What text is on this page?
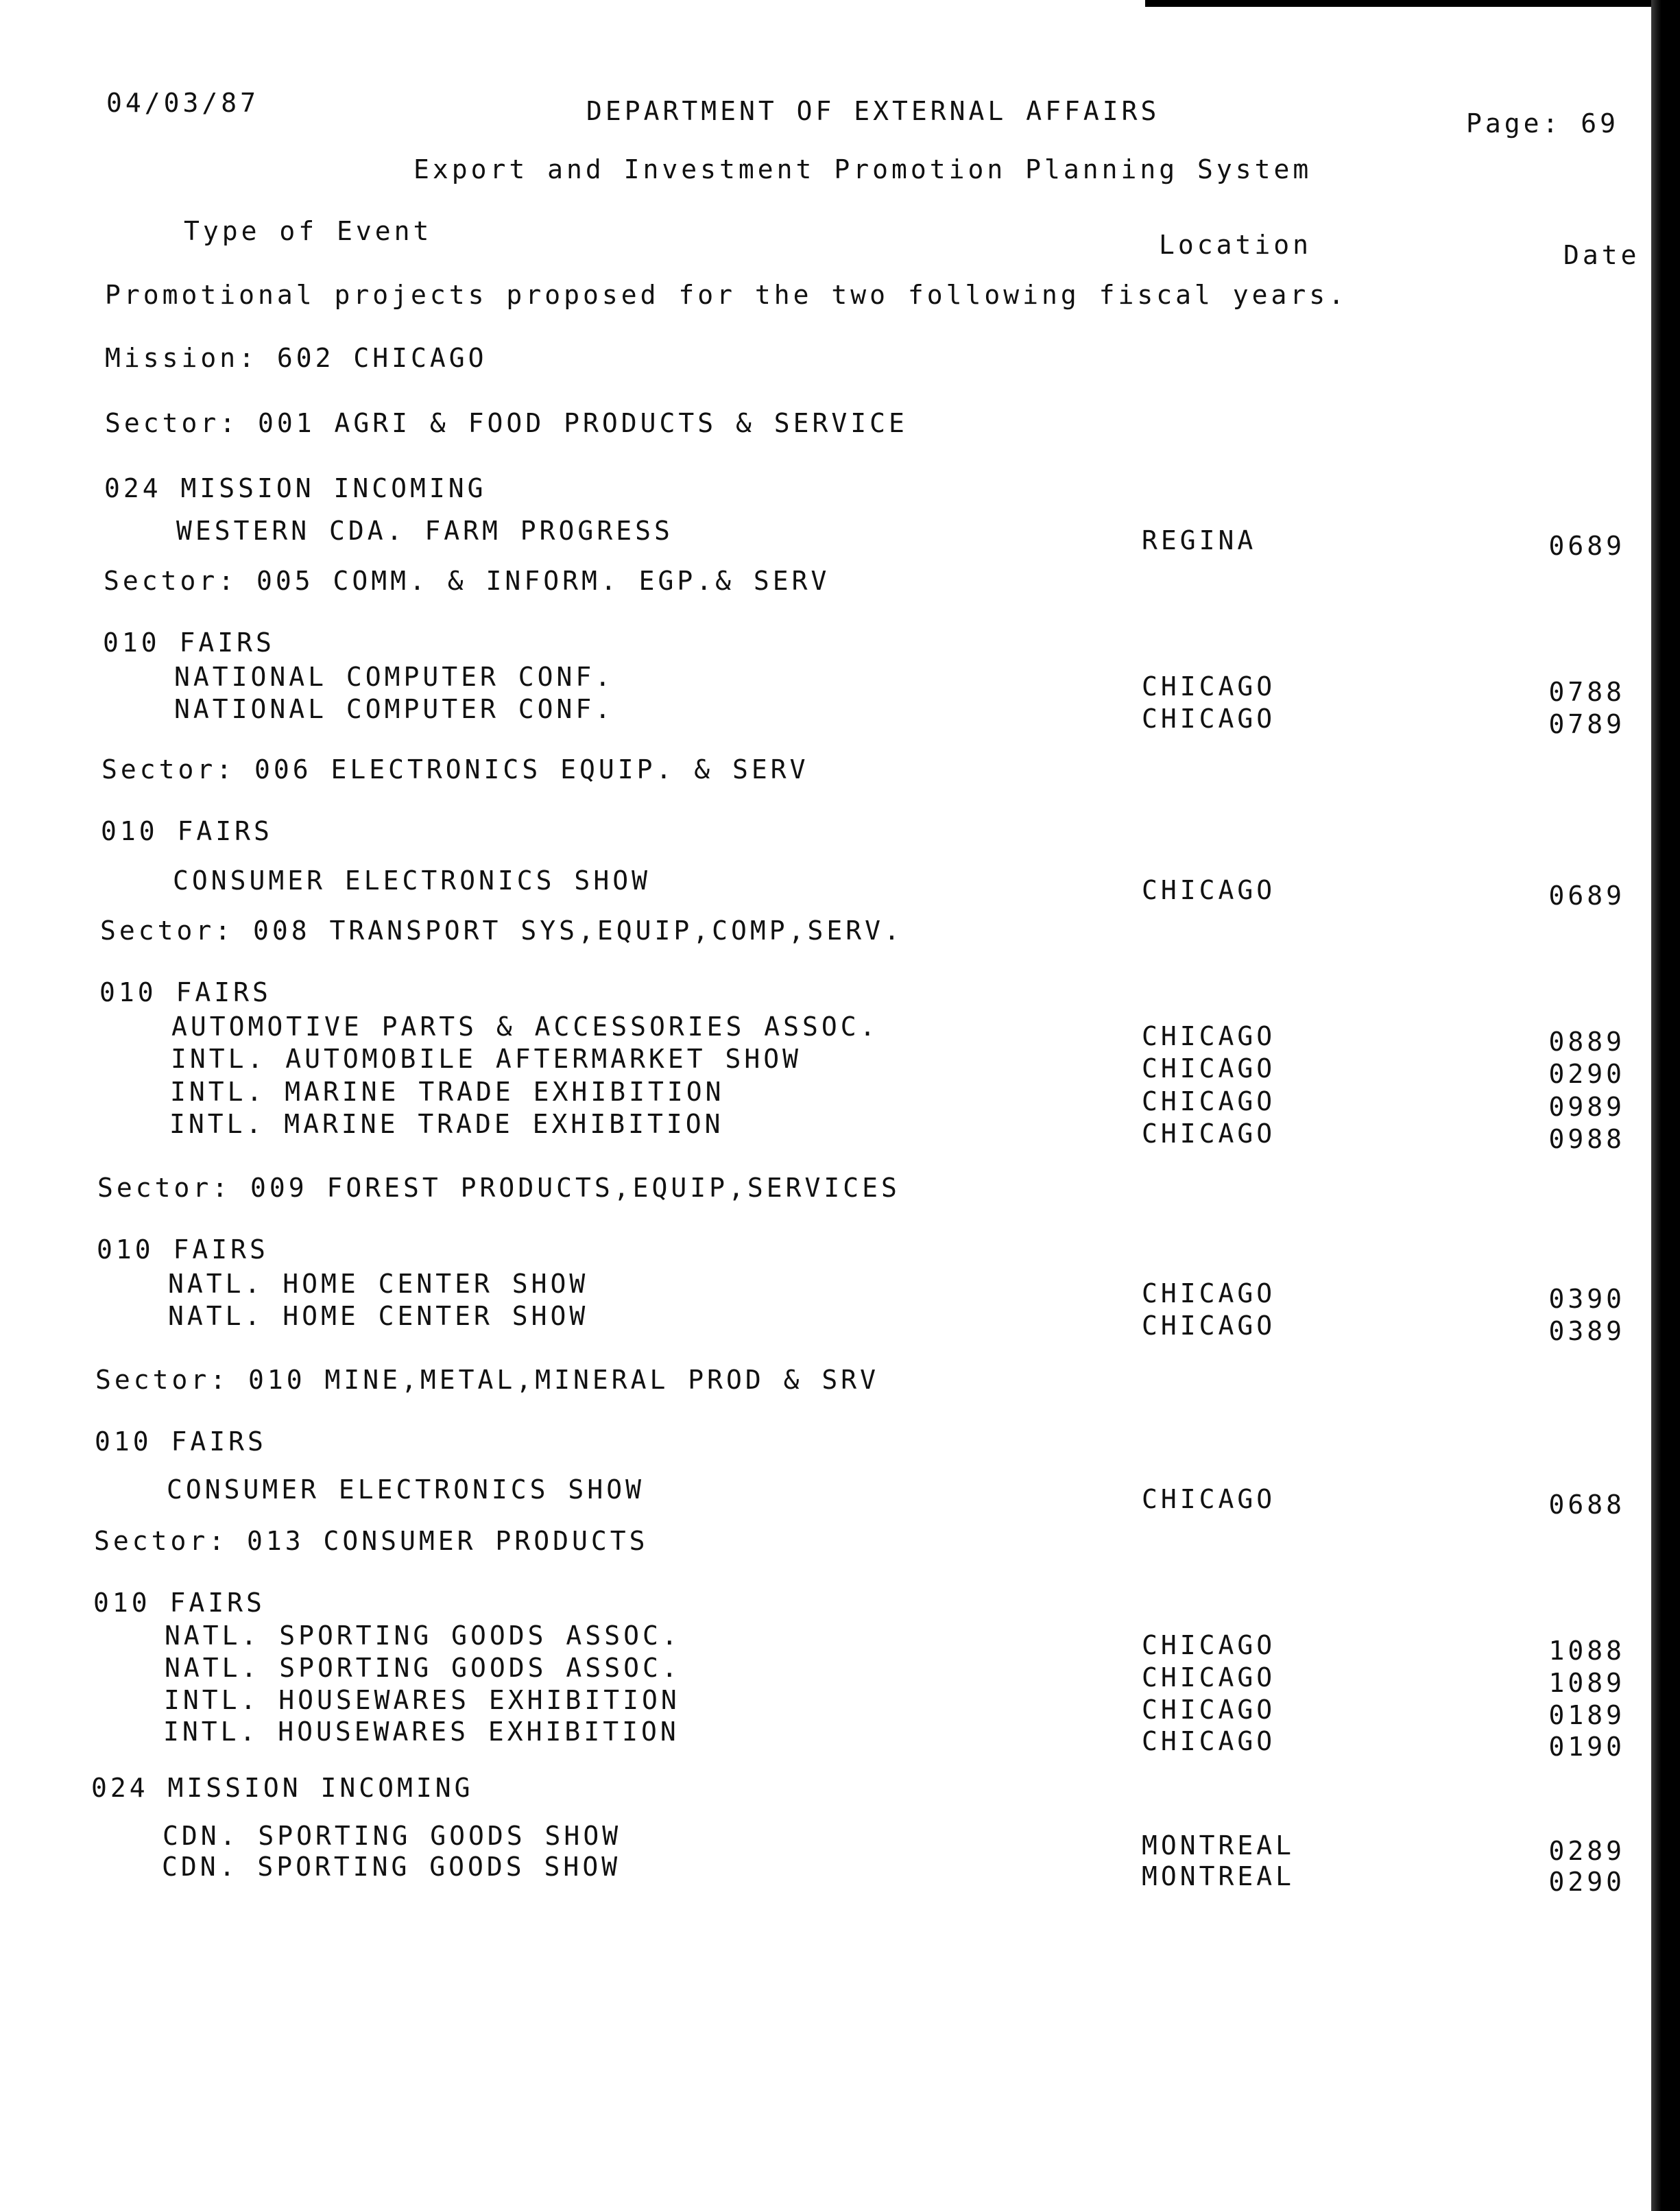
04/03/87	DEPARTMENT OF EXTERNAL AFFAIRS	Page: 69
Export and Investment Promotion Planning System
Type of Event	Location	Date
Promotional projects proposed for the two following fiscal years.
Mission: 602 CHICAGO
Sector: 001 AGRI & FOOD PRODUCTS & SERVICE
024 MISSION INCOMING
WESTERN CDA. FARM PROGRESS	REGINA	0689
Sector: 005 COMM. & INFORM. EGP.& SERV
010 FAIRS
NATIONAL COMPUTER CONF.	CHICAGO	0788
NATIONAL COMPUTER CONF.	CHICAGO	0789
Sector: 006 ELECTRONICS EQUIP. & SERV
010 FAIRS
CONSUMER ELECTRONICS SHOW	CHICAGO	0689
Sector: 008 TRANSPORT SYS,EQUIP,COMP,SERV.
010 FAIRS
AUTOMOTIVE PARTS & ACCESSORIES ASSOC.	CHICAGO	0889
INTL. AUTOMOBILE AFTERMARKET SHOW	CHICAGO	0290
INTL. MARINE TRADE EXHIBITION	CHICAGO	0989
INTL. MARINE TRADE EXHIBITION	CHICAGO	0988
Sector: 009 FOREST PRODUCTS,EQUIP,SERVICES
010 FAIRS
NATL. HOME CENTER SHOW	CHICAGO	0390
NATL. HOME CENTER SHOW	CHICAGO	0389
Sector: 010 MINE,METAL,MINERAL PROD & SRV
010 FAIRS
CONSUMER ELECTRONICS SHOW	CHICAGO	0688
Sector: 013 CONSUMER PRODUCTS
010 FAIRS
NATL. SPORTING GOODS ASSOC.	CHICAGO	1088
NATL. SPORTING GOODS ASSOC.	CHICAGO	1089
INTL. HOUSEWARES EXHIBITION	CHICAGO	0189
INTL. HOUSEWARES EXHIBITION	CHICAGO	0190
024 MISSION INCOMING
CDN. SPORTING GOODS SHOW	MONTREAL	0289
CDN. SPORTING GOODS SHOW	MONTREAL	0290
